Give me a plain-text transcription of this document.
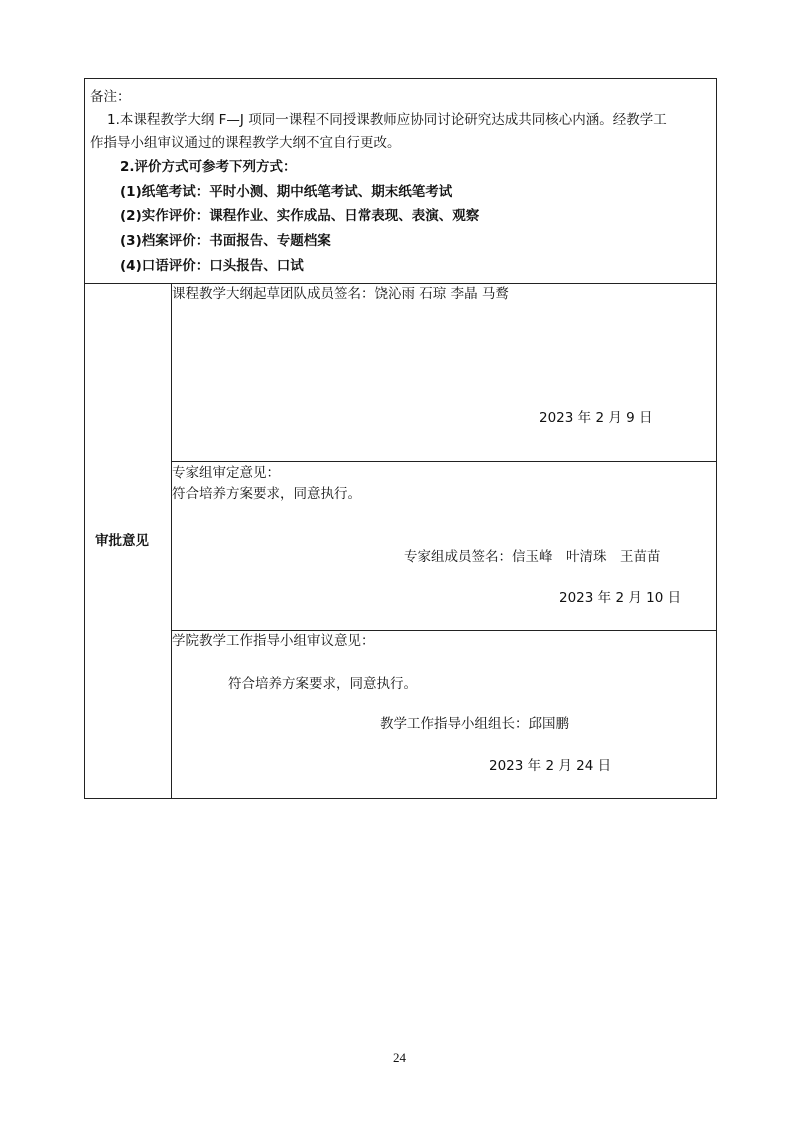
备注：
1.本课程教学大纲 F—J 项同一课程不同授课教师应协同讨论研究达成共同核心内涵。经教学工
作指导小组审议通过的课程教学大纲不宜自行更改。
2.评价方式可参考下列方式：
(1)纸笔考试：平时小测、期中纸笔考试、期末纸笔考试
(2)实作评价：课程作业、实作成品、日常表现、表演、观察
(3)档案评价：书面报告、专题档案
(4)口语评价：口头报告、口试
审批意见
课程教学大纲起草团队成员签名：饶沁雨 石琼 李晶 马鹜
2023 年 2 月 9 日
专家组审定意见：
符合培养方案要求，同意执行。
专家组成员签名：信玉峰　叶清珠　王苗苗
2023 年 2 月 10 日
学院教学工作指导小组审议意见：
符合培养方案要求，同意执行。
教学工作指导小组组长：邱国鹏
2023 年 2 月 24 日
24
